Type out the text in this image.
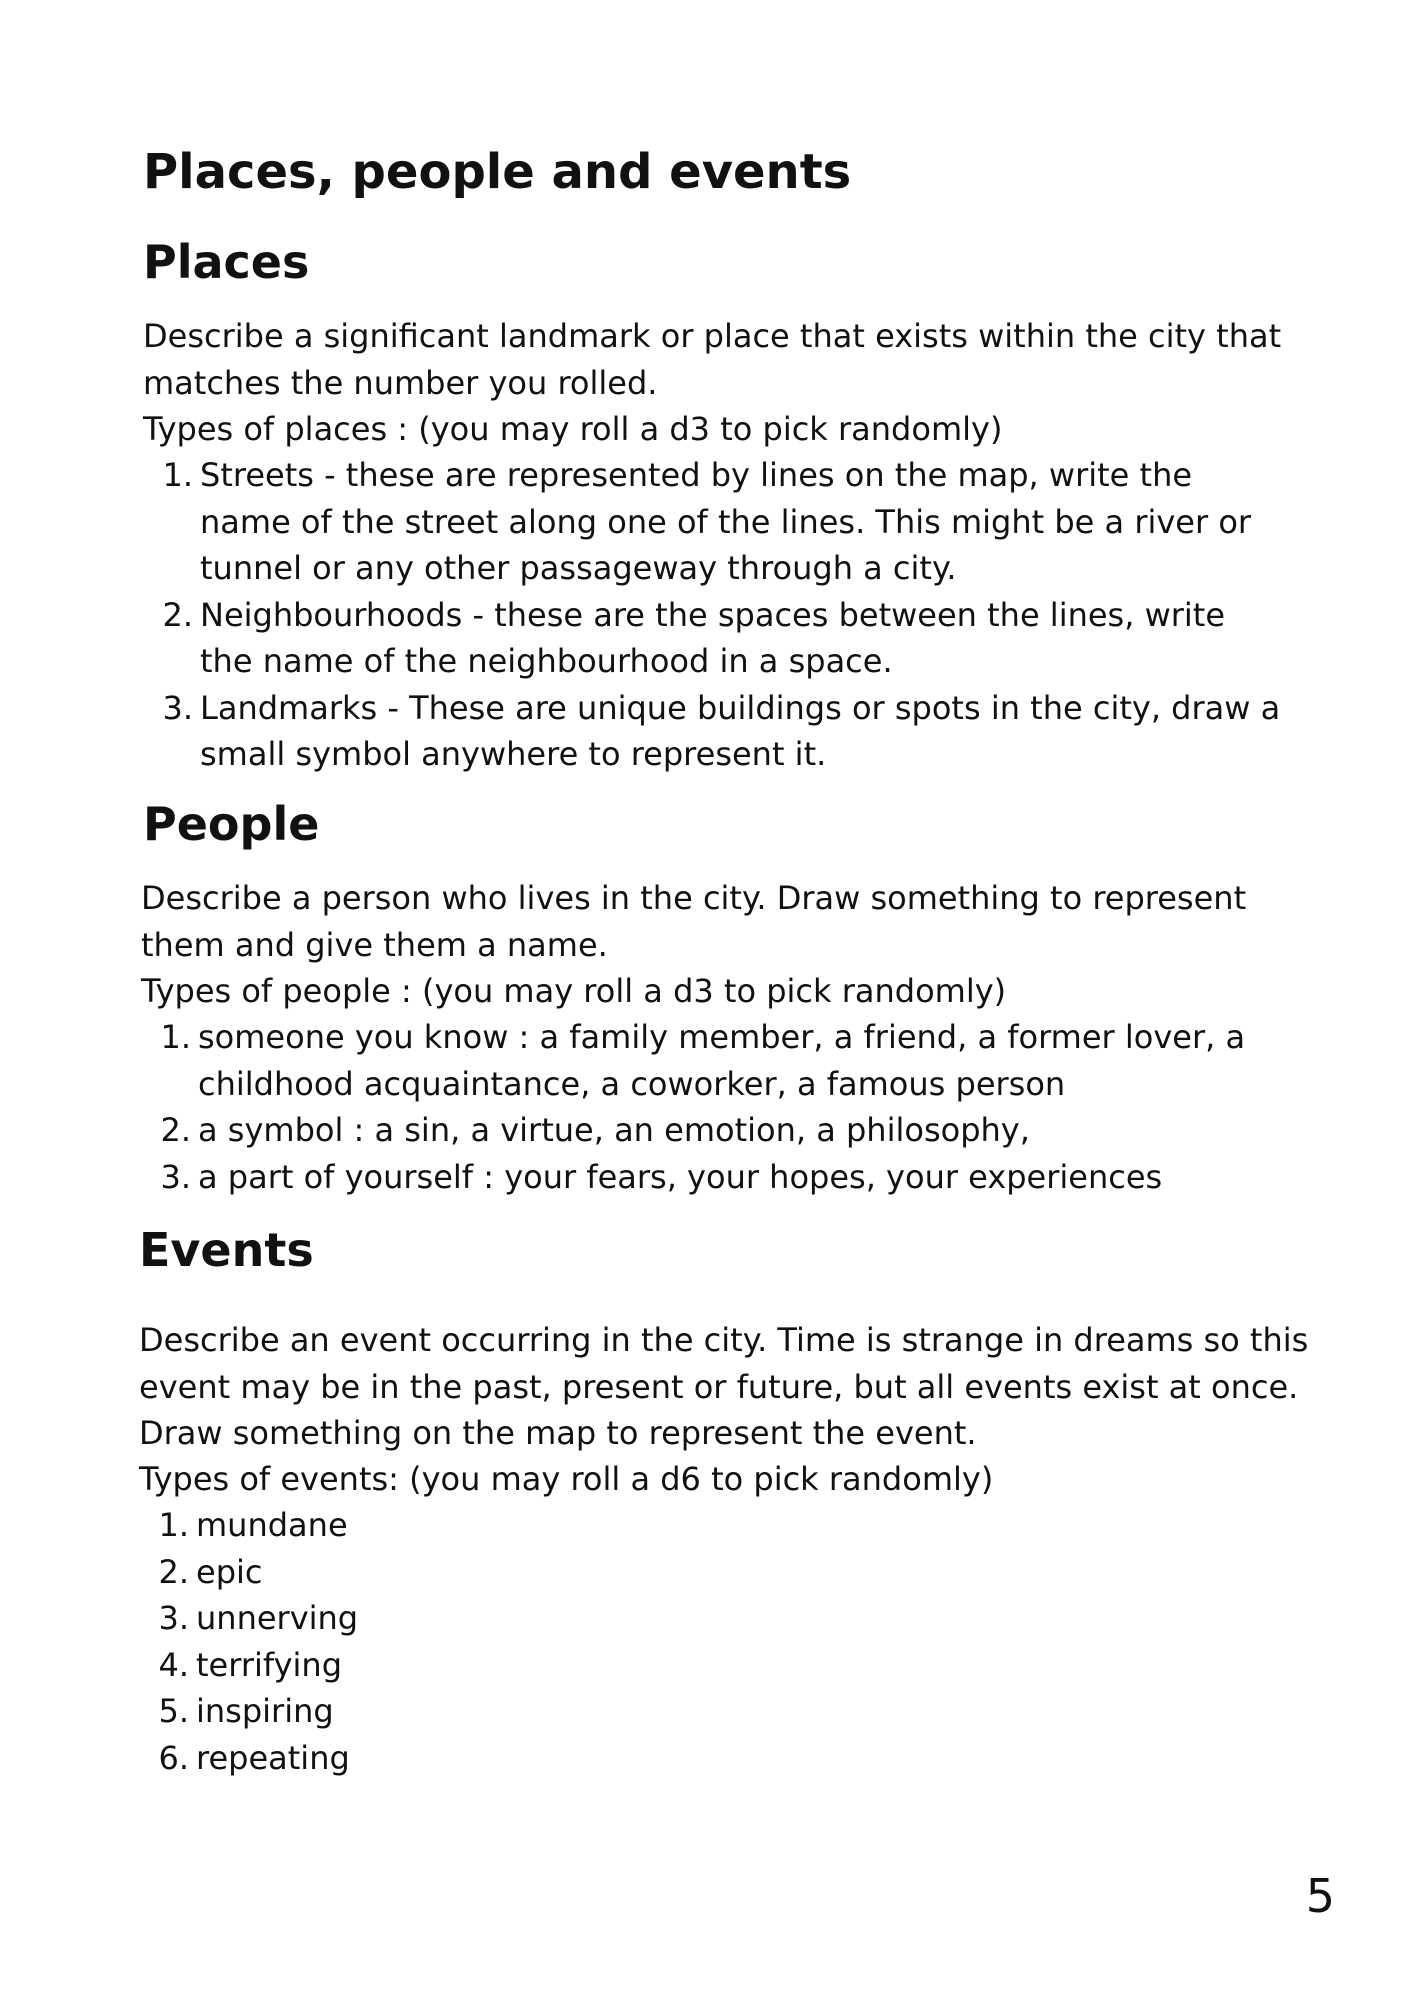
Places, people and events
Places

Describe a significant landmark or place that exists within the city that matches the number you rolled.

Types of places : (you may roll a d3 to pick randomly)

1. Streets - these are represented by lines on the map, write the name of the street along one of the lines. This might be a river or tunnel or any other passageway through a city.
2. Neighbourhoods - these are the spaces between the lines, write the name of the neighbourhood in a space.
3. Landmarks - These are unique buildings or spots in the city, draw a small symbol anywhere to represent it.
People

Describe a person who lives in the city. Draw something to represent them and give them a name.

Types of people : (you may roll a d3 to pick randomly)

1. someone you know : a family member, a friend, a former lover, a childhood acquaintance, a coworker, a famous person
2. a symbol : a sin, a virtue, an emotion, a philosophy,
3. a part of yourself : your fears, your hopes, your experiences
Events

Describe an event occurring in the city. Time is strange in dreams so this event may be in the past, present or future, but all events exist at once. Draw something on the map to represent the event.

Types of events: (you may roll a d6 to pick randomly)

1. mundane
2. epic
3. unnerving
4. terrifying
5. inspiring
6. repeating

5
